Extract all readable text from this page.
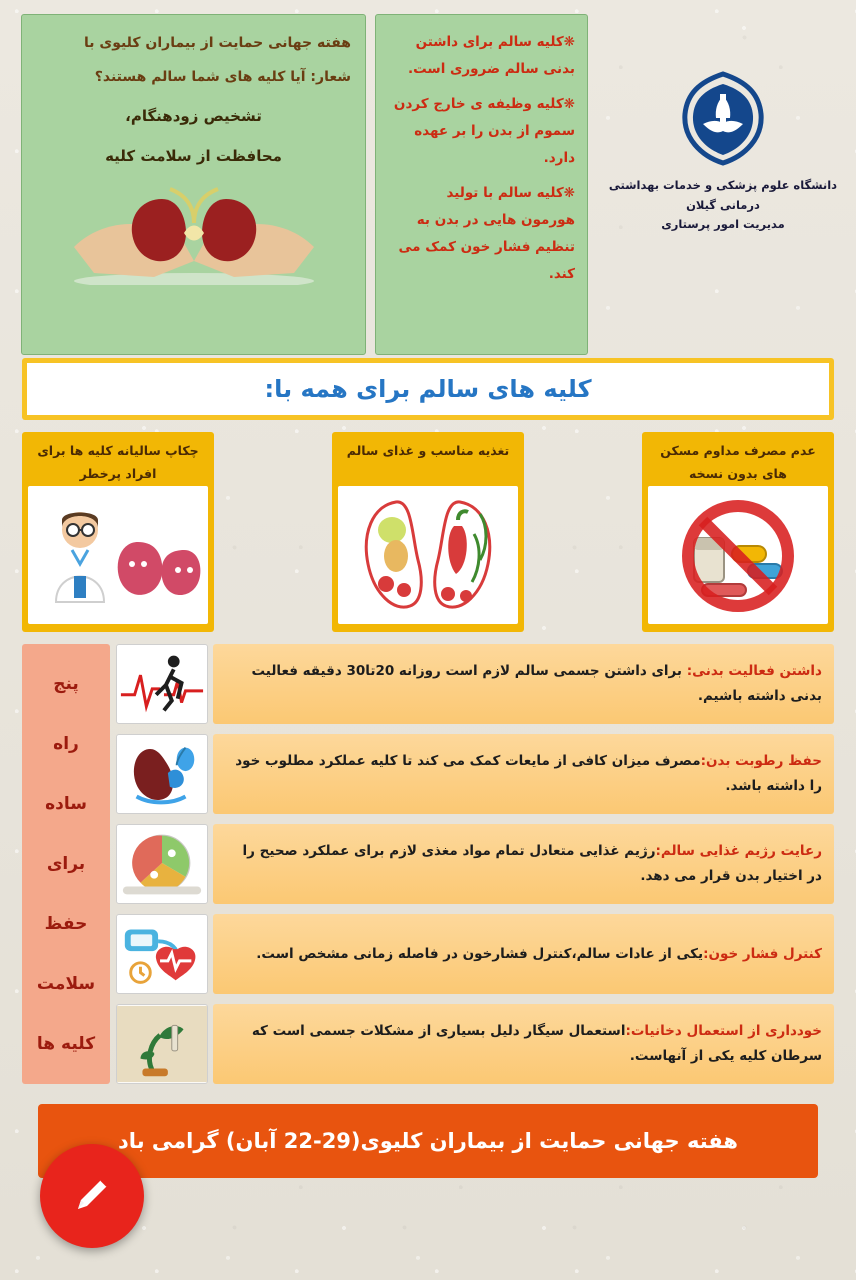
دانشگاه علوم پزشکی و خدمات بهداشتی درمانی گیلان
مدیریت امور پرستاری

❋کلیه سالم برای داشتن بدنی سالم ضروری است.

❋کلیه وظیفه ی خارج کردن سموم از بدن را بر عهده دارد.

❋کلیه سالم با تولید هورمون هایی در بدن به تنظیم فشار خون کمک می کند.

هفته جهانی حمایت از بیماران کلیوی با

شعار: آیا کلیه های شما سالم هستند؟

تشخیص زودهنگام،

محافظت از سلامت کلیه

کلیه های سالم برای همه با:
چکاپ سالیانه کلیه ها برای افراد پرخطر
تغذیه مناسب و غذای سالم	عدم مصرف مداوم مسکن های بدون نسخه
پنج
راه
ساده
برای
حفظ
سلامت
کلیه ها
داشتن فعالیت بدنی: برای داشتن جسمی سالم لازم است روزانه 20تا30 دقیقه فعالیت بدنی داشته باشیم.
حفظ رطوبت بدن:مصرف میزان کافی از مایعات کمک می کند تا کلیه عملکرد مطلوب خود را داشته باشد.
رعایت رژیم غذایی سالم:رژیم غذایی متعادل تمام مواد مغذی لازم برای عملکرد صحیح را در اختیار بدن قرار می دهد.
کنترل فشار خون:یکی از عادات سالم،کنترل فشارخون در فاصله زمانی مشخص است.
خودداری از استعمال دخانیات:استعمال سیگار دلیل بسیاری از مشکلات جسمی است که سرطان کلیه یکی از آنهاست.
هفته جهانی حمایت از بیماران کلیوی(29-22 آبان) گرامی باد
